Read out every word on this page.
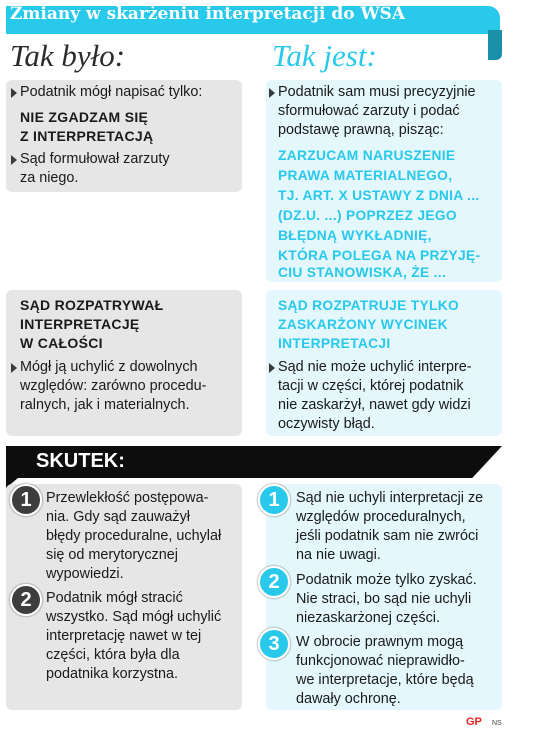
Zmiany w skarżeniu interpretacji do WSA
Tak było:	Tak jest:
Podatnik mógł napisać tylko:
NIE ZGADZAM SIĘ
Z INTERPRETACJĄ
Sąd formułował zarzuty
za niego.
Podatnik sam musi precyzyjnie
sformułować zarzuty i podać
podstawę prawną, pisząc:
ZARZUCAM NARUSZENIE
PRAWA MATERIALNEGO,
TJ. ART. X USTAWY Z DNIA ...
(DZ.U. ...) POPRZEZ JEGO
BŁĘDNĄ WYKŁADNIĘ,
KTÓRA POLEGA NA PRZYJĘ-
CIU STANOWISKA, ŻE ...
SĄD ROZPATRYWAŁ
INTERPRETACJĘ
W CAŁOŚCI
Mógł ją uchylić z dowolnych
względów: zarówno procedu-
ralnych, jak i materialnych.
SĄD ROZPATRUJE TYLKO
ZASKARŻONY WYCINEK
INTERPRETACJI
Sąd nie może uchylić interpre-
tacji w części, której podatnik
nie zaskarżył, nawet gdy widzi
oczywisty błąd.
SKUTEK:
1	Przewlekłość postępowa-
nia. Gdy sąd zauważył
błędy proceduralne, uchylał
się od merytorycznej
wypowiedzi.
2	Podatnik mógł stracić
wszystko. Sąd mógł uchylić
interpretację nawet w tej
części, która była dla
podatnika korzystna.
1	Sąd nie uchyli interpretacji ze
względów proceduralnych,
jeśli podatnik sam nie zwróci
na nie uwagi.
2	Podatnik może tylko zyskać.
Nie straci, bo sąd nie uchyli
niezaskarżonej części.
3	W obrocie prawnym mogą
funkcjonować nieprawidło-
we interpretacje, które będą
dawały ochronę.
GP NS
